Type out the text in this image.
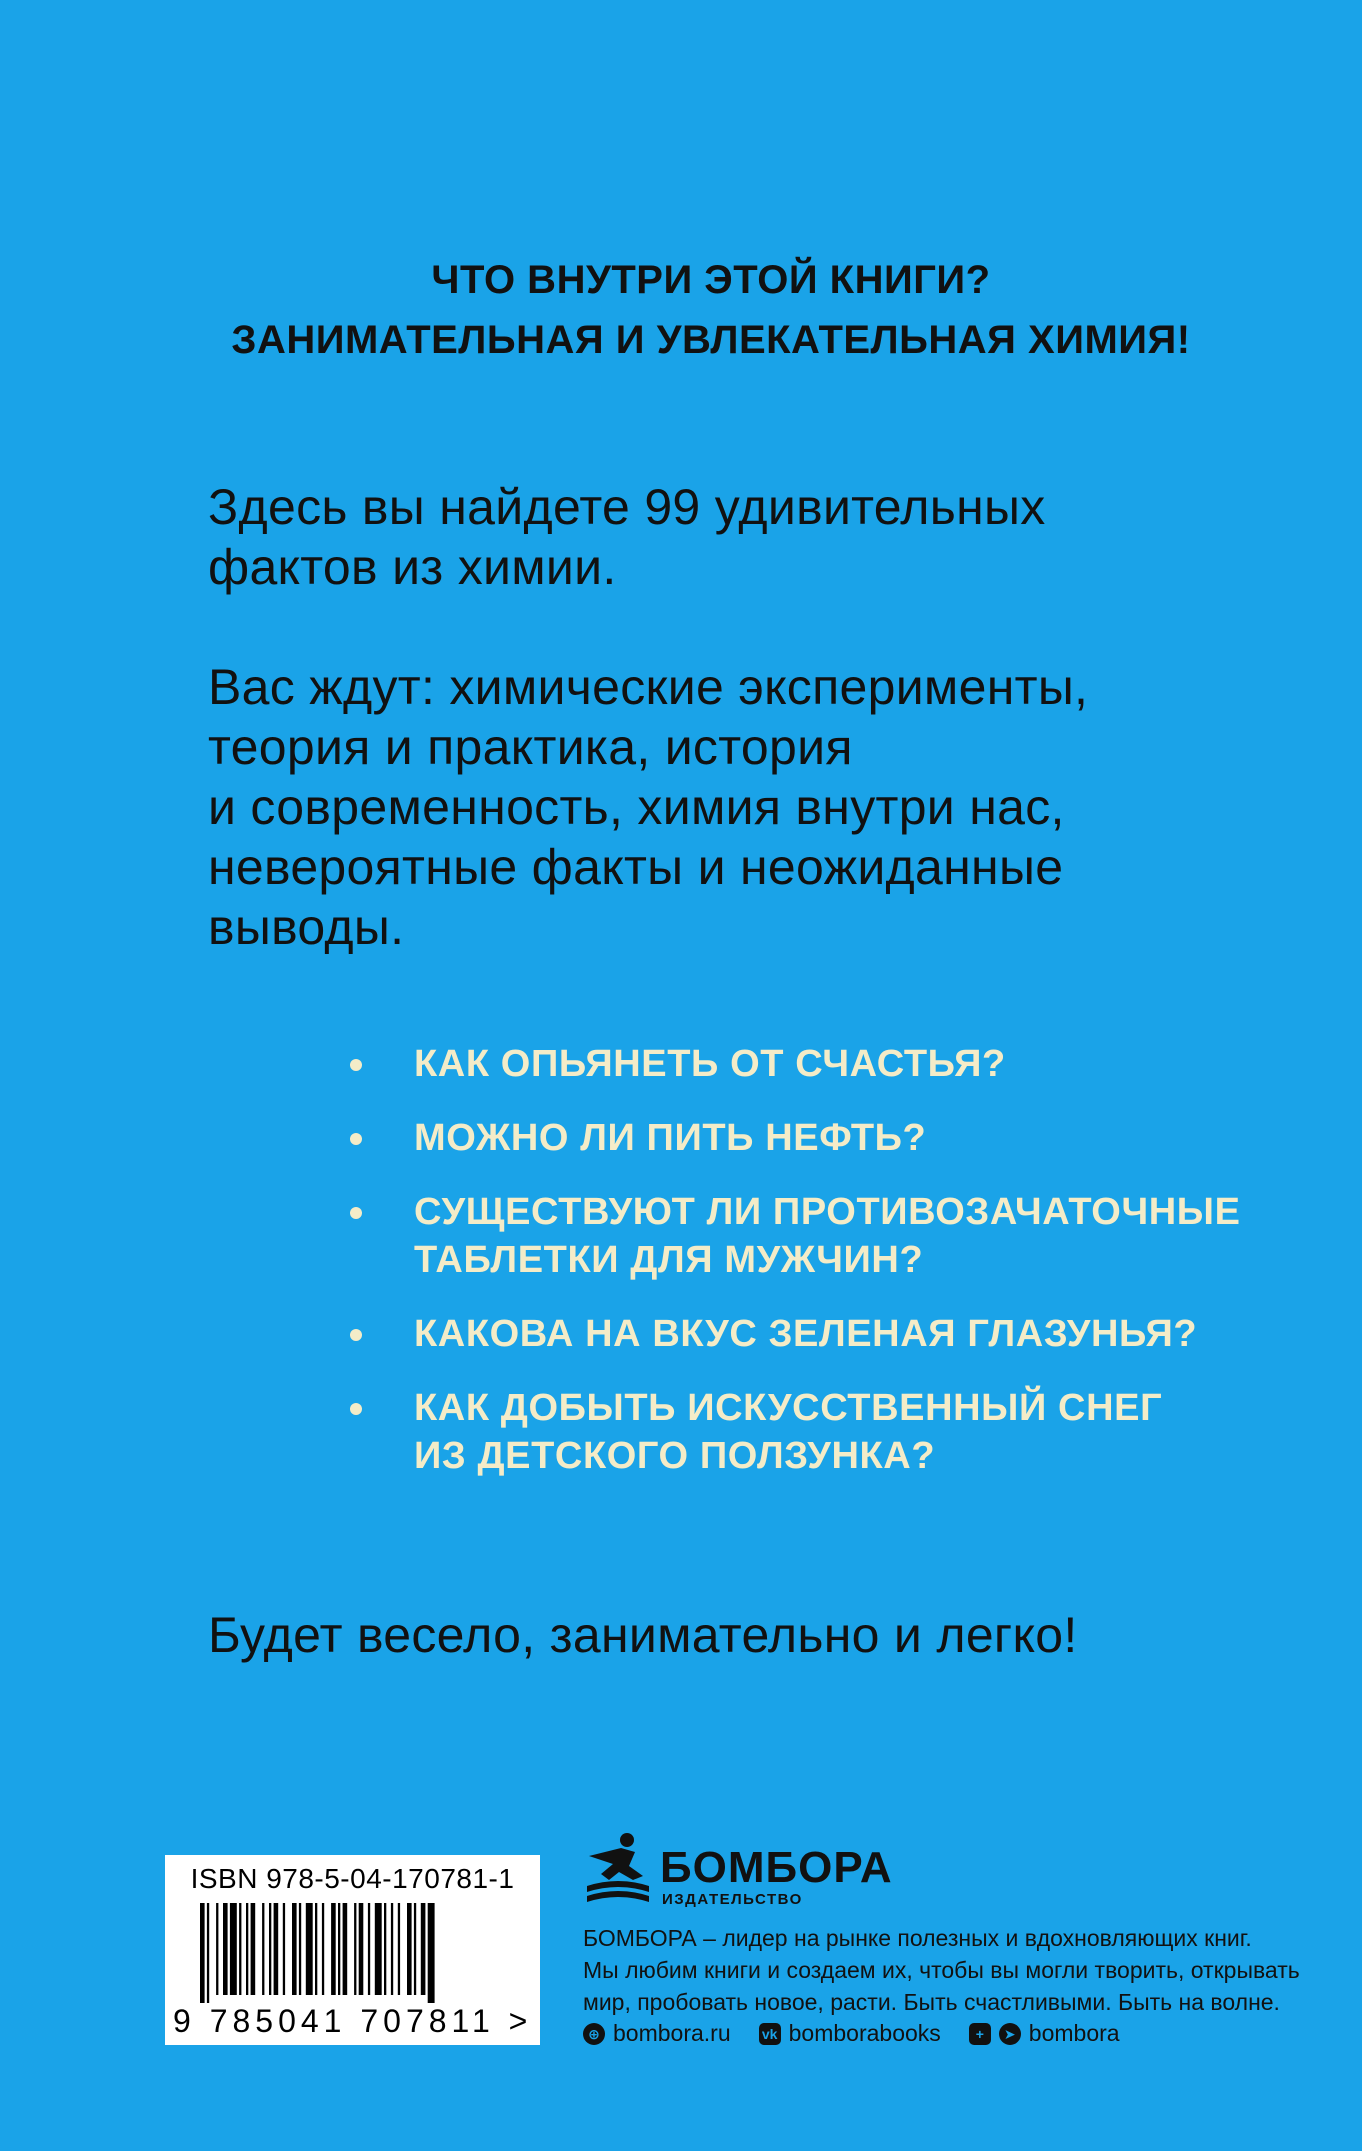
ЧТО ВНУТРИ ЭТОЙ КНИГИ?
ЗАНИМАТЕЛЬНАЯ И УВЛЕКАТЕЛЬНАЯ ХИМИЯ!
Здесь вы найдете 99 удивительных
фактов из химии.
Вас ждут: химические эксперименты,
теория и практика, история
и современность, химия внутри нас,
невероятные факты и неожиданные
выводы.
КАК ОПЬЯНЕТЬ ОТ СЧАСТЬЯ?
МОЖНО ЛИ ПИТЬ НЕФТЬ?
СУЩЕСТВУЮТ ЛИ ПРОТИВОЗАЧАТОЧНЫЕ
ТАБЛЕТКИ ДЛЯ МУЖЧИН?
КАКОВА НА ВКУС ЗЕЛЕНАЯ ГЛАЗУНЬЯ?
КАК ДОБЫТЬ ИСКУССТВЕННЫЙ СНЕГ
ИЗ ДЕТСКОГО ПОЛЗУНКА?
Будет весело, занимательно и легко!
ISBN 978-5-04-170781-1
9 785041 707811 >
БОМБОРА
ИЗДАТЕЛЬСТВО
БОМБОРА – лидер на рынке полезных и вдохновляющих книг.
Мы любим книги и создаем их, чтобы вы могли творить, открывать
мир, пробовать новое, расти. Быть счастливыми. Быть на волне.
⊕ bombora.ru vk bomborabooks	+	➤ bombora
